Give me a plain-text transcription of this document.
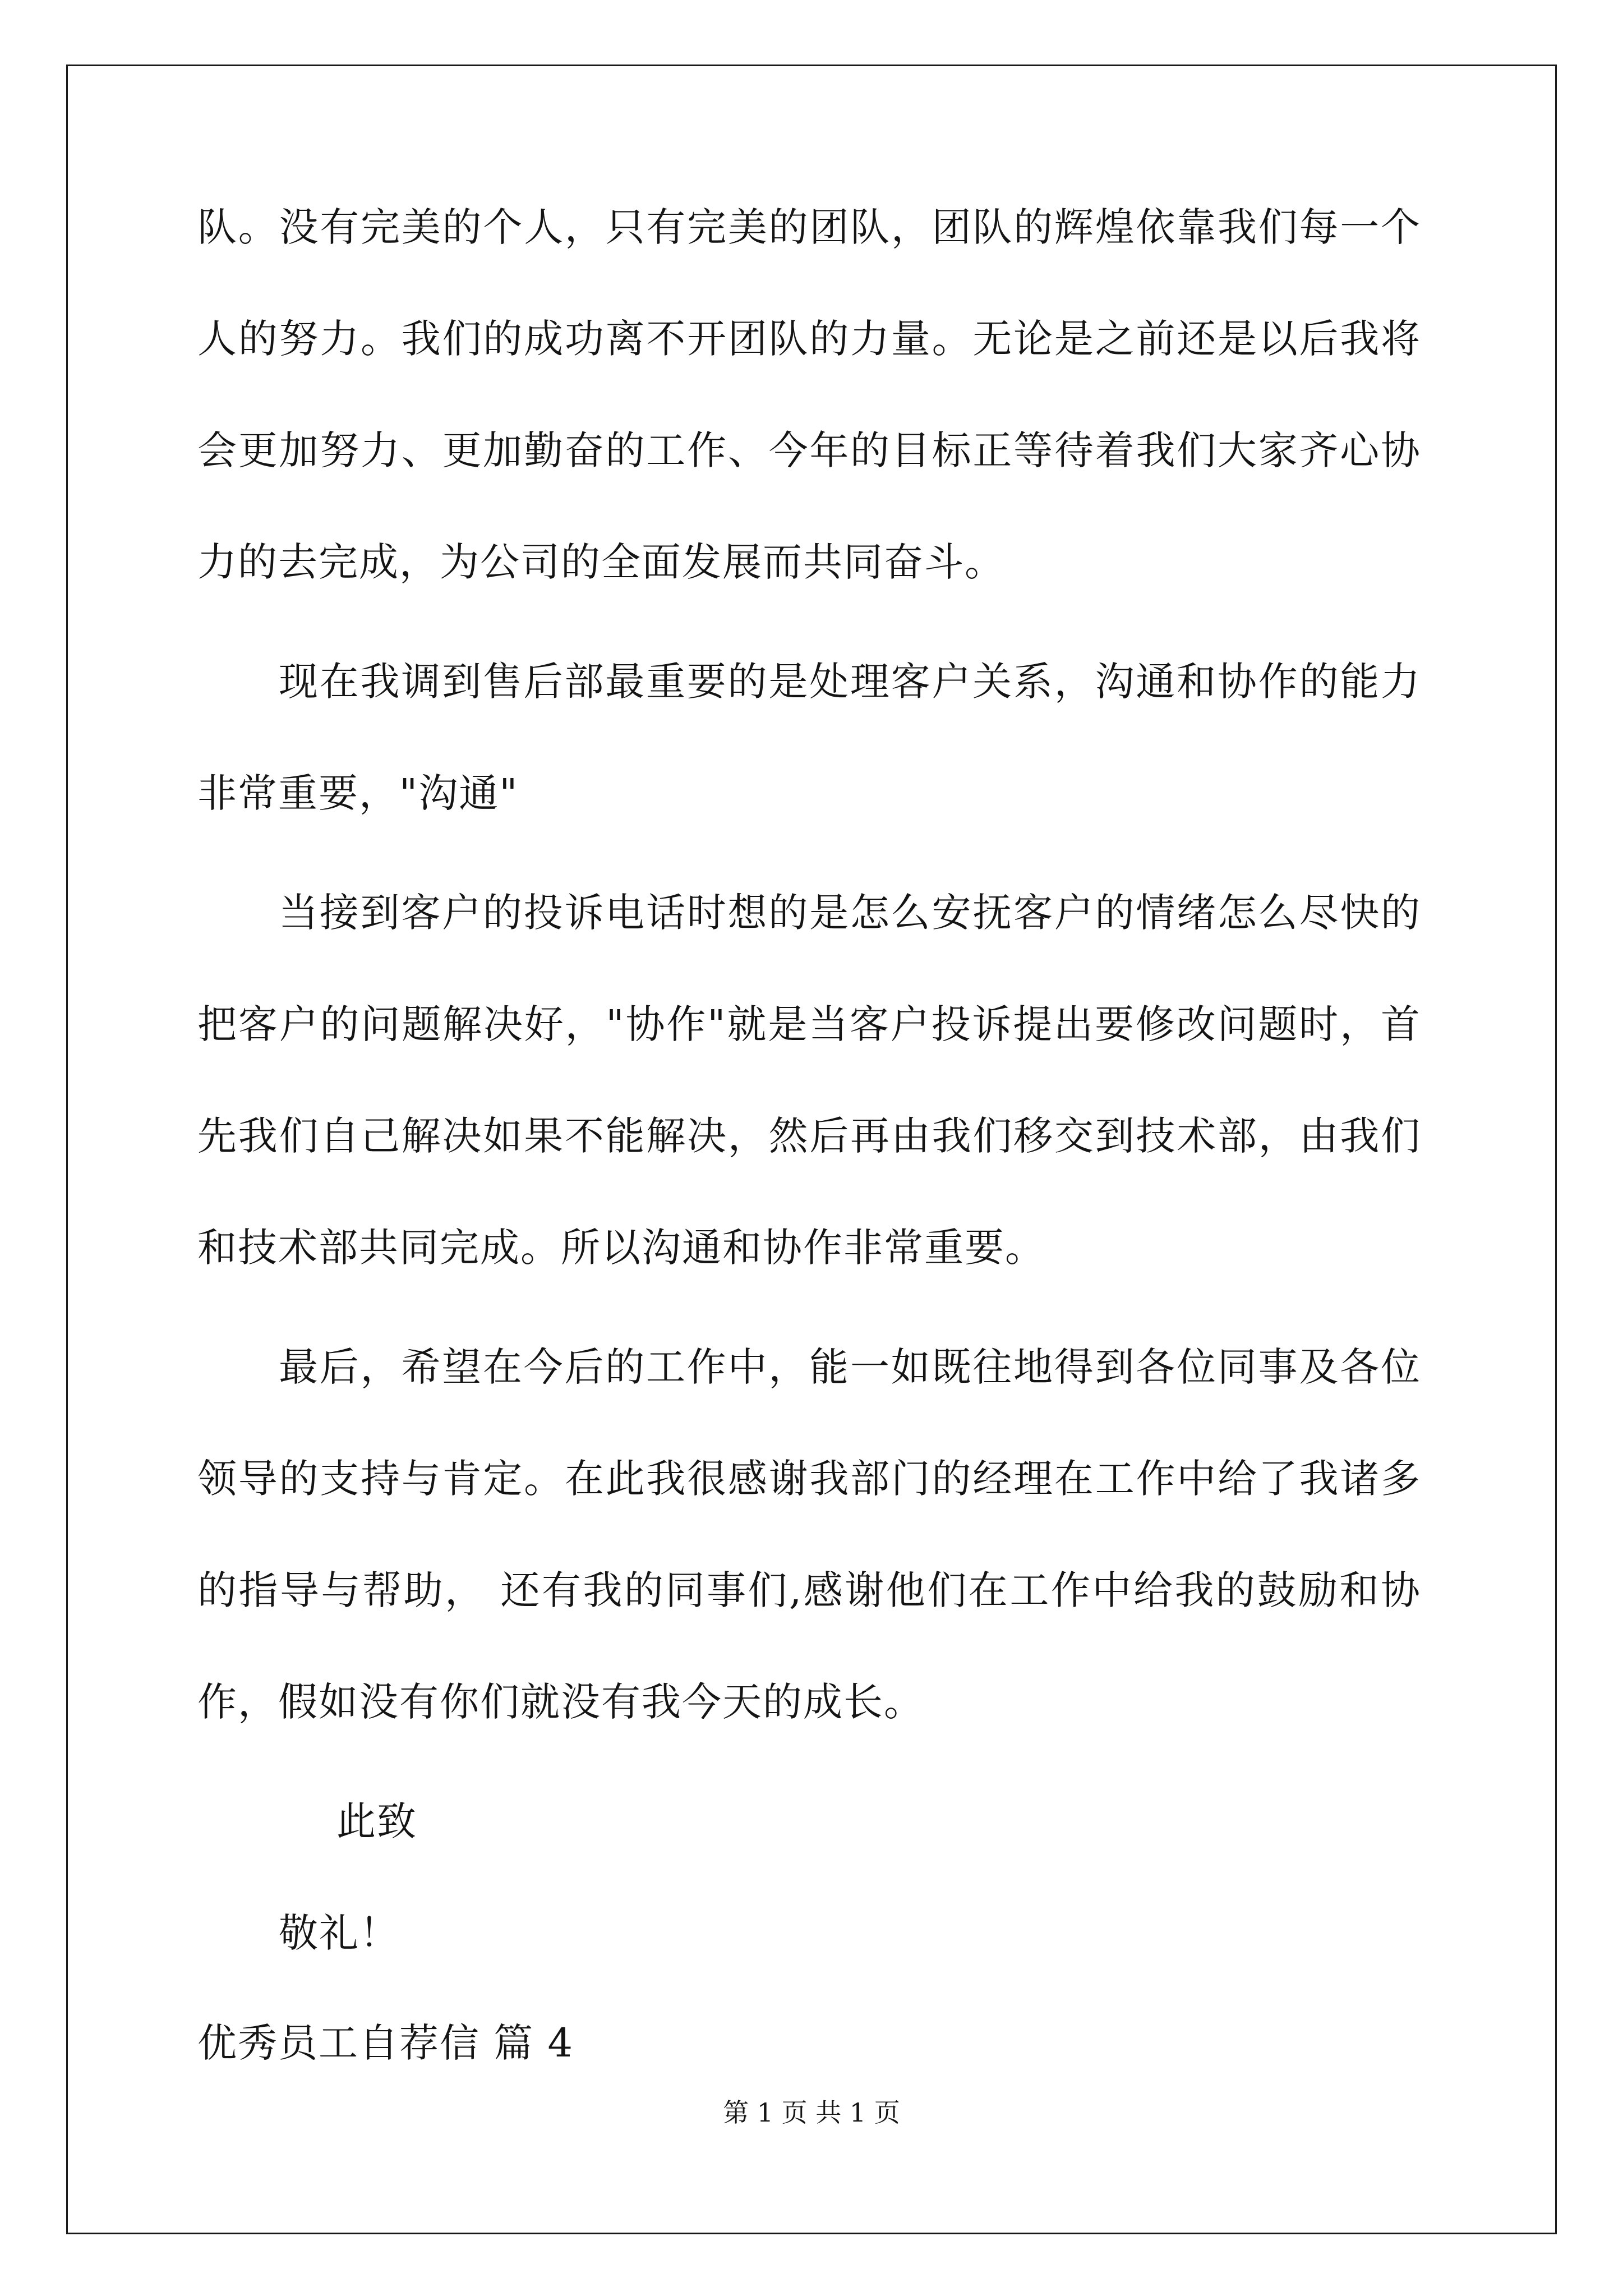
队。没有完美的个人，只有完美的团队，团队的辉煌依靠我们每一个
人的努力。我们的成功离不开团队的力量。无论是之前还是以后我将
会更加努力、更加勤奋的工作、今年的目标正等待着我们大家齐心协
力的去完成，为公司的全面发展而共同奋斗。
现在我调到售后部最重要的是处理客户关系，沟通和协作的能力
非常重要，"沟通"
当接到客户的投诉电话时想的是怎么安抚客户的情绪怎么尽快的
把客户的问题解决好，"协作"就是当客户投诉提出要修改问题时，首
先我们自己解决如果不能解决，然后再由我们移交到技术部，由我们
和技术部共同完成。所以沟通和协作非常重要。
最后，希望在今后的工作中，能一如既往地得到各位同事及各位
领导的支持与肯定。在此我很感谢我部门的经理在工作中给了我诸多
的指导与帮助， 还有我的同事们,感谢他们在工作中给我的鼓励和协
作，假如没有你们就没有我今天的成长。
此致
敬礼！
优秀员工自荐信 篇 4
第 1 页 共 1 页
